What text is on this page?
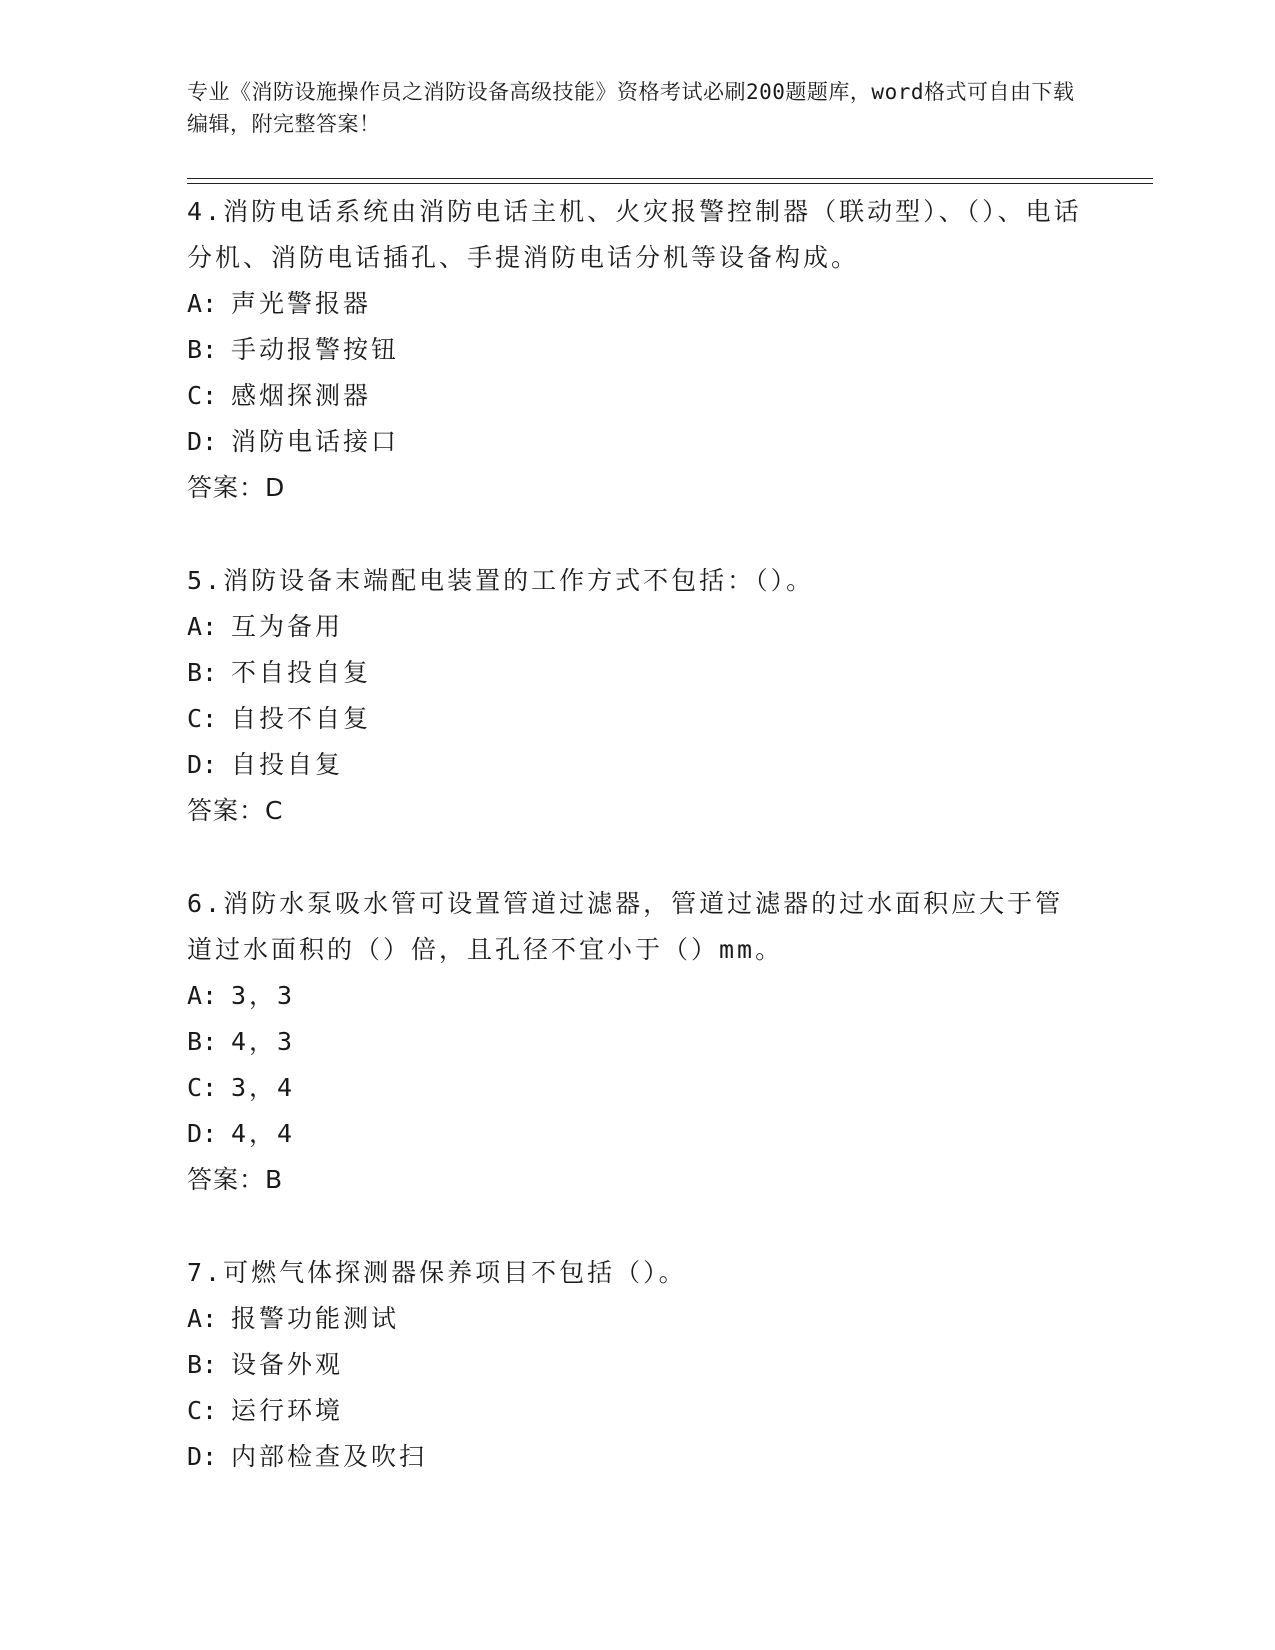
专业《消防设施操作员之消防设备高级技能》资格考试必刷200题题库，word格式可自由下载编辑，附完整答案！
4.消防电话系统由消防电话主机、火灾报警控制器（联动型）、（）、电话分机、消防电话插孔、手提消防电话分机等设备构成。
A: 声光警报器
B: 手动报警按钮
C: 感烟探测器
D: 消防电话接口
答案：D
5.消防设备末端配电装置的工作方式不包括：（）。
A: 互为备用
B: 不自投自复
C: 自投不自复
D: 自投自复
答案：C
6.消防水泵吸水管可设置管道过滤器，管道过滤器的过水面积应大于管道过水面积的（）倍，且孔径不宜小于（）mm。
A: 3，3
B: 4，3
C: 3，4
D: 4，4
答案：B
7.可燃气体探测器保养项目不包括（）。
A: 报警功能测试
B: 设备外观
C: 运行环境
D: 内部检查及吹扫
